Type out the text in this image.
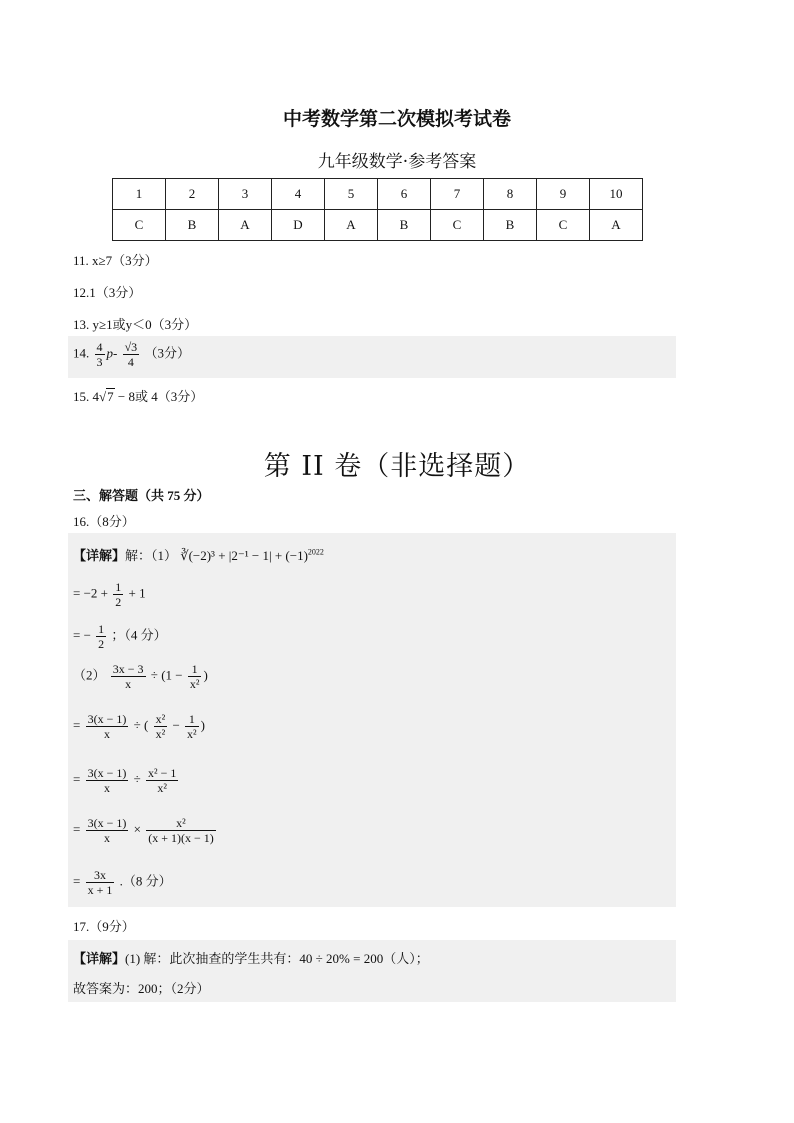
中考数学第二次模拟考试卷
九年级数学·参考答案
1	2	3	4	5	6	7	8	9	10
C	B	A	D	A	B	C	B	C	A
11. x≥7（3分）
12.1（3分）
13. y≥1或y＜0（3分）
14. $\frac{4}{3} p- \frac{√3}{4} (3$分）
15. 4√7 − 8或 4（3分）
第 II 卷（非选择题）
三、解答题（共 75 分）
16.（8分）
【详解】解：（1） ∛(−2)³ + $|2^{-1} - 1| + (-1)^{2022}$
= $-2 + \frac{1}{2} + 1$
= − $\frac{1}{2}$ ；（4 分）
$(2) \frac{3x - 3}{x} \div (1 - \frac{1}{\text{x²}}$ )
= $\frac{3(x - 1)}{x}$ ÷ ( $\frac{\text{x²}}{\text{x²}} - \frac{1}{\text{x²}}$ )
= $\frac{3(x - 1)}{x} \div \frac{\text{x² − 1}}{\text{x²}}$
= $\frac{3(x - 1)}{x} \times \frac{\text{x²}}{(x + 1)(x - 1)}$
= $\frac{3x}{x + 1} .(8$ 分）
17.（9分）
【详解】(1) 解：此次抽查的学生共有：40 ÷ 20% = 200（人）；
故答案为：200；（2分）
